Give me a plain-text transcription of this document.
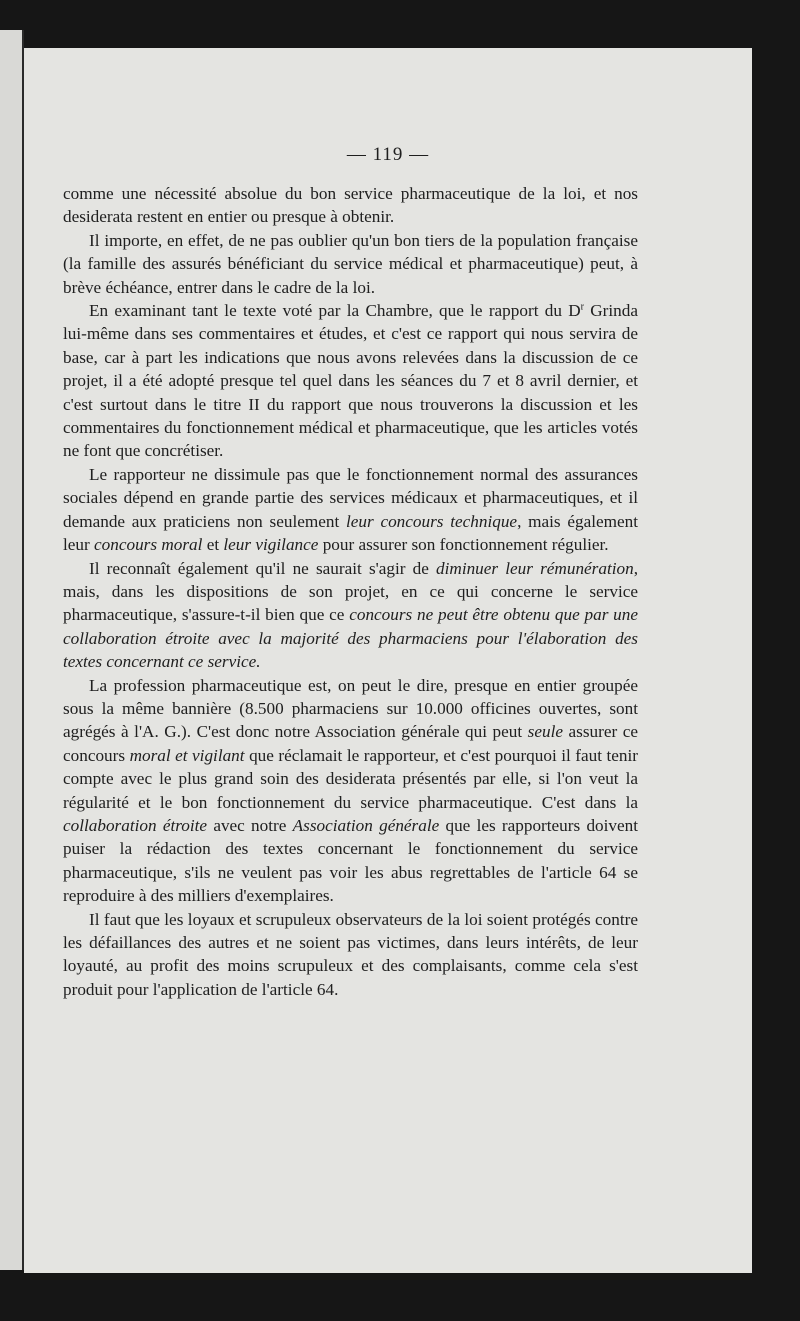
— 119 —

comme une nécessité absolue du bon service pharmaceutique de la loi, et nos desiderata restent en entier ou presque à obtenir.

Il importe, en effet, de ne pas oublier qu'un bon tiers de la population française (la famille des assurés bénéficiant du service médical et pharmaceutique) peut, à brève échéance, entrer dans le cadre de la loi.

En examinant tant le texte voté par la Chambre, que le rapport du $D^r$ Grinda lui-même dans ses commentaires et études, et c'est ce rapport qui nous servira de base, car à part les indications que nous avons relevées dans la discussion de ce projet, il a été adopté presque tel quel dans les séances du 7 et 8 avril dernier, et c'est surtout dans le titre II du rapport que nous trouverons la discussion et les commentaires du fonctionnement médical et pharmaceutique, que les articles votés ne font que concrétiser.

Le rapporteur ne dissimule pas que le fonctionnement normal des assurances sociales dépend en grande partie des services médicaux et pharmaceutiques, et il demande aux praticiens non seulement leur concours technique, mais également leur concours moral et leur vigilance pour assurer son fonctionnement régulier.

Il reconnaît également qu'il ne saurait s'agir de diminuer leur rémunération, mais, dans les dispositions de son projet, en ce qui concerne le service pharmaceutique, s'assure-t-il bien que ce concours ne peut être obtenu que par une collaboration étroite avec la majorité des pharmaciens pour l'élaboration des textes concernant ce service.

La profession pharmaceutique est, on peut le dire, presque en entier groupée sous la même bannière (8.500 pharmaciens sur 10.000 officines ouvertes, sont agrégés à l'A. G.). C'est donc notre Association générale qui peut seule assurer ce concours moral et vigilant que réclamait le rapporteur, et c'est pourquoi il faut tenir compte avec le plus grand soin des desiderata présentés par elle, si l'on veut la régularité et le bon fonctionnement du service pharmaceutique. C'est dans la collaboration étroite avec notre Association générale que les rapporteurs doivent puiser la rédaction des textes concernant le fonctionnement du service pharmaceutique, s'ils ne veulent pas voir les abus regrettables de l'article 64 se reproduire à des milliers d'exemplaires.

Il faut que les loyaux et scrupuleux observateurs de la loi soient protégés contre les défaillances des autres et ne soient pas victimes, dans leurs intérêts, de leur loyauté, au profit des moins scrupuleux et des complaisants, comme cela s'est produit pour l'application de l'article 64.
